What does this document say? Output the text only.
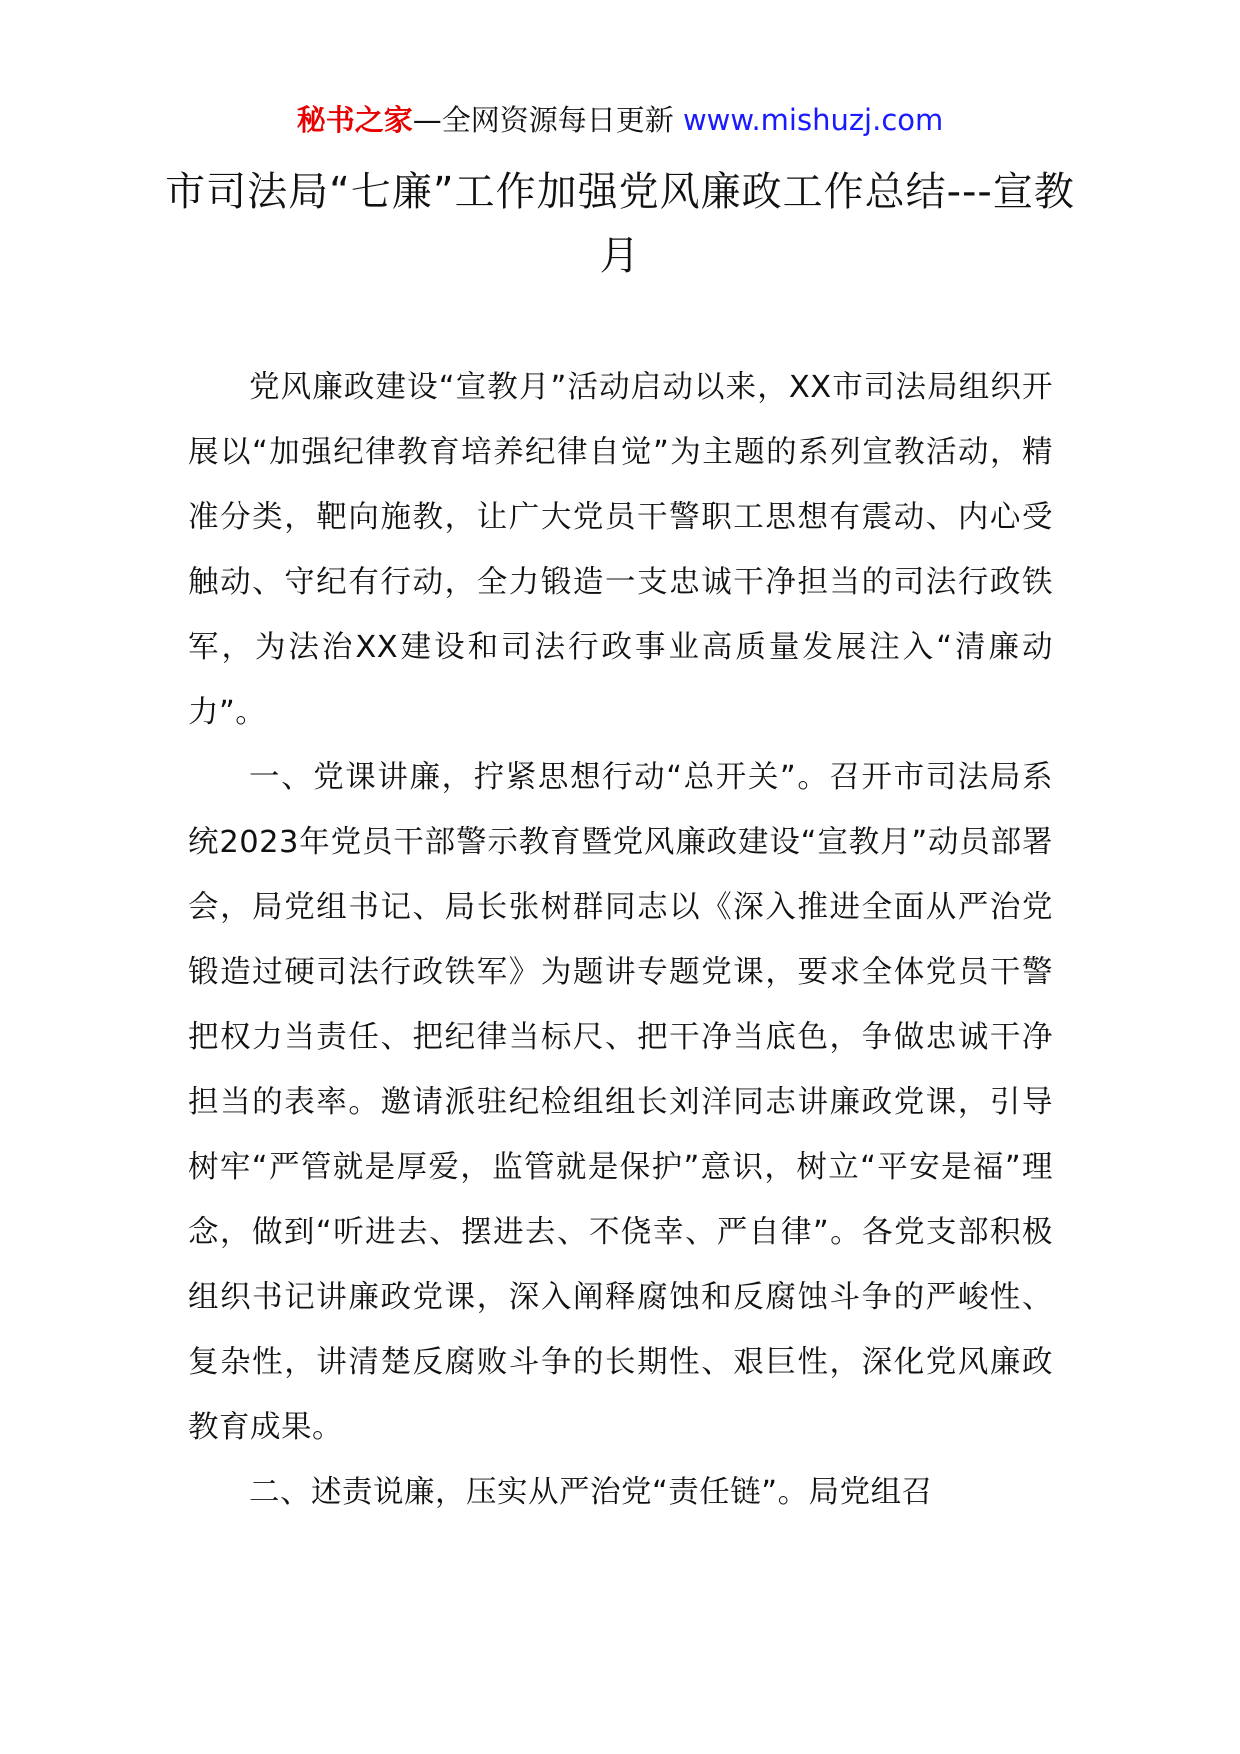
秘书之家—全网资源每日更新 www.mishuzj.com
市司法局“七廉”工作加强党风廉政工作总结---宣教月

党风廉政建设“宣教月”活动启动以来，XX市司法局组织开展以“加强纪律教育培养纪律自觉”为主题的系列宣教活动，精准分类，靶向施教，让广大党员干警职工思想有震动、内心受触动、守纪有行动，全力锻造一支忠诚干净担当的司法行政铁军，为法治XX建设和司法行政事业高质量发展注入“清廉动力”。

一、党课讲廉，拧紧思想行动“总开关”。召开市司法局系统2023年党员干部警示教育暨党风廉政建设“宣教月”动员部署会，局党组书记、局长张树群同志以《深入推进全面从严治党锻造过硬司法行政铁军》为题讲专题党课，要求全体党员干警把权力当责任、把纪律当标尺、把干净当底色，争做忠诚干净担当的表率。邀请派驻纪检组组长刘洋同志讲廉政党课，引导树牢“严管就是厚爱，监管就是保护”意识，树立“平安是福”理念，做到“听进去、摆进去、不侥幸、严自律”。各党支部积极组织书记讲廉政党课，深入阐释腐蚀和反腐蚀斗争的严峻性、复杂性，讲清楚反腐败斗争的长期性、艰巨性，深化党风廉政教育成果。

二、述责说廉，压实从严治党“责任链”。局党组召
